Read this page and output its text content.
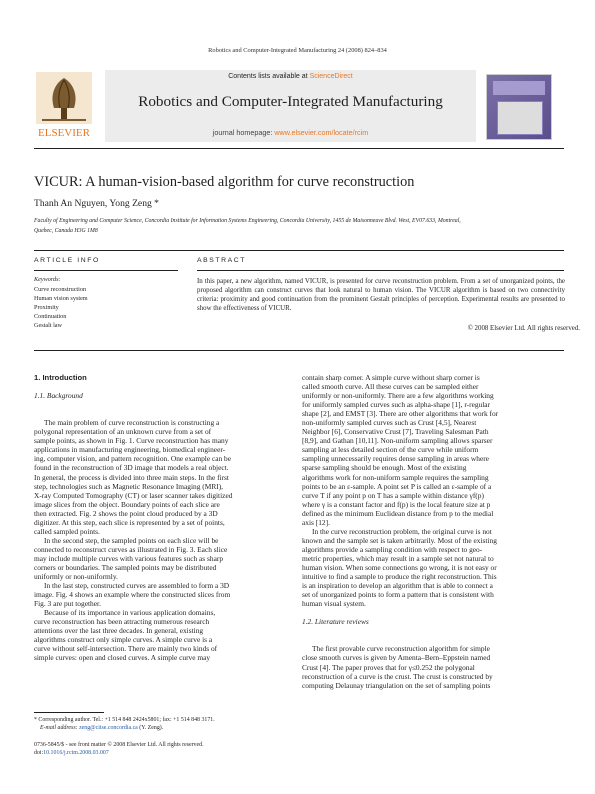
Robotics and Computer-Integrated Manufacturing 24 (2008) 824–834
ELSEVIER
Contents lists available at ScienceDirect
Robotics and Computer-Integrated Manufacturing
journal homepage: www.elsevier.com/locate/rcim
VICUR: A human-vision-based algorithm for curve reconstruction
Thanh An Nguyen, Yong Zeng *
Faculty of Engineering and Computer Science, Concordia Institute for Information Systems Engineering, Concordia University, 1455 de Maisonneuve Blvd. West, EV07.633, Montreal,
Quebec, Canada H3G 1M8
ARTICLE INFO
Keywords:
Curve reconstruction
Human vision system
Proximity
Continuation
Gestalt law
ABSTRACT
In this paper, a new algorithm, named VICUR, is presented for curve reconstruction problem. From a set of unorganized points, the proposed algorithm can construct curves that look natural to human vision. The VICUR algorithm is based on two connectivity criteria: proximity and good continuation from the prominent Gestalt principles of perception. Experimental results are presented to show the effectiveness of VICUR.
© 2008 Elsevier Ltd. All rights reserved.
1. Introduction
1.1. Background

The main problem of curve reconstruction is constructing a

polygonal representation of an unknown curve from a set of

sample points, as shown in Fig. 1. Curve reconstruction has many

applications in manufacturing engineering, biomedical engineer-

ing, computer vision, and pattern recognition. One example can be

found in the reconstruction of 3D image that models a real object.

In general, the process is divided into three main steps. In the first

step, technologies such as Magnetic Resonance Imaging (MRI),

X-ray Computed Tomography (CT) or laser scanner takes digitized

image slices from the object. Boundary points of each slice are

then extracted. Fig. 2 shows the point cloud produced by a 3D

digitizer. At this step, each slice is represented by a set of points,

called sampled points.

In the second step, the sampled points on each slice will be

connected to reconstruct curves as illustrated in Fig. 3. Each slice

may include multiple curves with various features such as sharp

corners or boundaries. The sampled points may be distributed

uniformly or non-uniformly.

In the last step, constructed curves are assembled to form a 3D

image. Fig. 4 shows an example where the constructed slices from

Fig. 3 are put together.

Because of its importance in various application domains,

curve reconstruction has been attracting numerous research

attentions over the last three decades. In general, existing

algorithms construct only simple curves. A simple curve is a

curve without self-intersection. There are mainly two kinds of

simple curves: open and closed curves. A simple curve may

* Corresponding author. Tel.: +1 514 848 2424x5801; fax: +1 514 848 3171.
E-mail address: zeng@ciise.concordia.ca (Y. Zeng).
0736-5845/$ - see front matter © 2008 Elsevier Ltd. All rights reserved.
doi:10.1016/j.rcim.2008.03.007

contain sharp corner. A simple curve without sharp corner is

called smooth curve. All these curves can be sampled either

uniformly or non-uniformly. There are a few algorithms working

for uniformly sampled curves such as alpha-shape [1], r-regular

shape [2], and EMST [3]. There are other algorithms that work for

non-uniformly sampled curves such as Crust [4,5], Nearest

Neighbor [6], Conservative Crust [7], Traveling Salesman Path

[8,9], and Gathan [10,11]. Non-uniform sampling allows sparser

sampling at less detailed section of the curve while uniform

sampling unnecessarily requires dense sampling in areas where

sparse sampling should be enough. Most of the existing

algorithms work for non-uniform sample requires the sampling

points to be an ε-sample. A point set P is called an ε-sample of a

curve T if any point p on T has a sample within distance γf(p)

where γ is a constant factor and f(p) is the local feature size at p

defined as the minimum Euclidean distance from p to the medial

axis [12].

In the curve reconstruction problem, the original curve is not

known and the sample set is taken arbitrarily. Most of the existing

algorithms provide a sampling condition with respect to geo-

metric properties, which may result in a sample set not natural to

human vision. When some connections go wrong, it is not easy or

intuitive to find a sample to produce the right reconstruction. This

is an inspiration to develop an algorithm that is able to connect a

set of unorganized points to form a pattern that is consistent with

human visual system.

1.2. Literature reviews

The first provable curve reconstruction algorithm for simple

close smooth curves is given by Amenta–Bern–Eppstein named

Crust [4]. The paper proves that for γ≤0.252 the polygonal

reconstruction of a curve is the crust. The crust is constructed by

computing Delaunay triangulation on the set of sampling points
